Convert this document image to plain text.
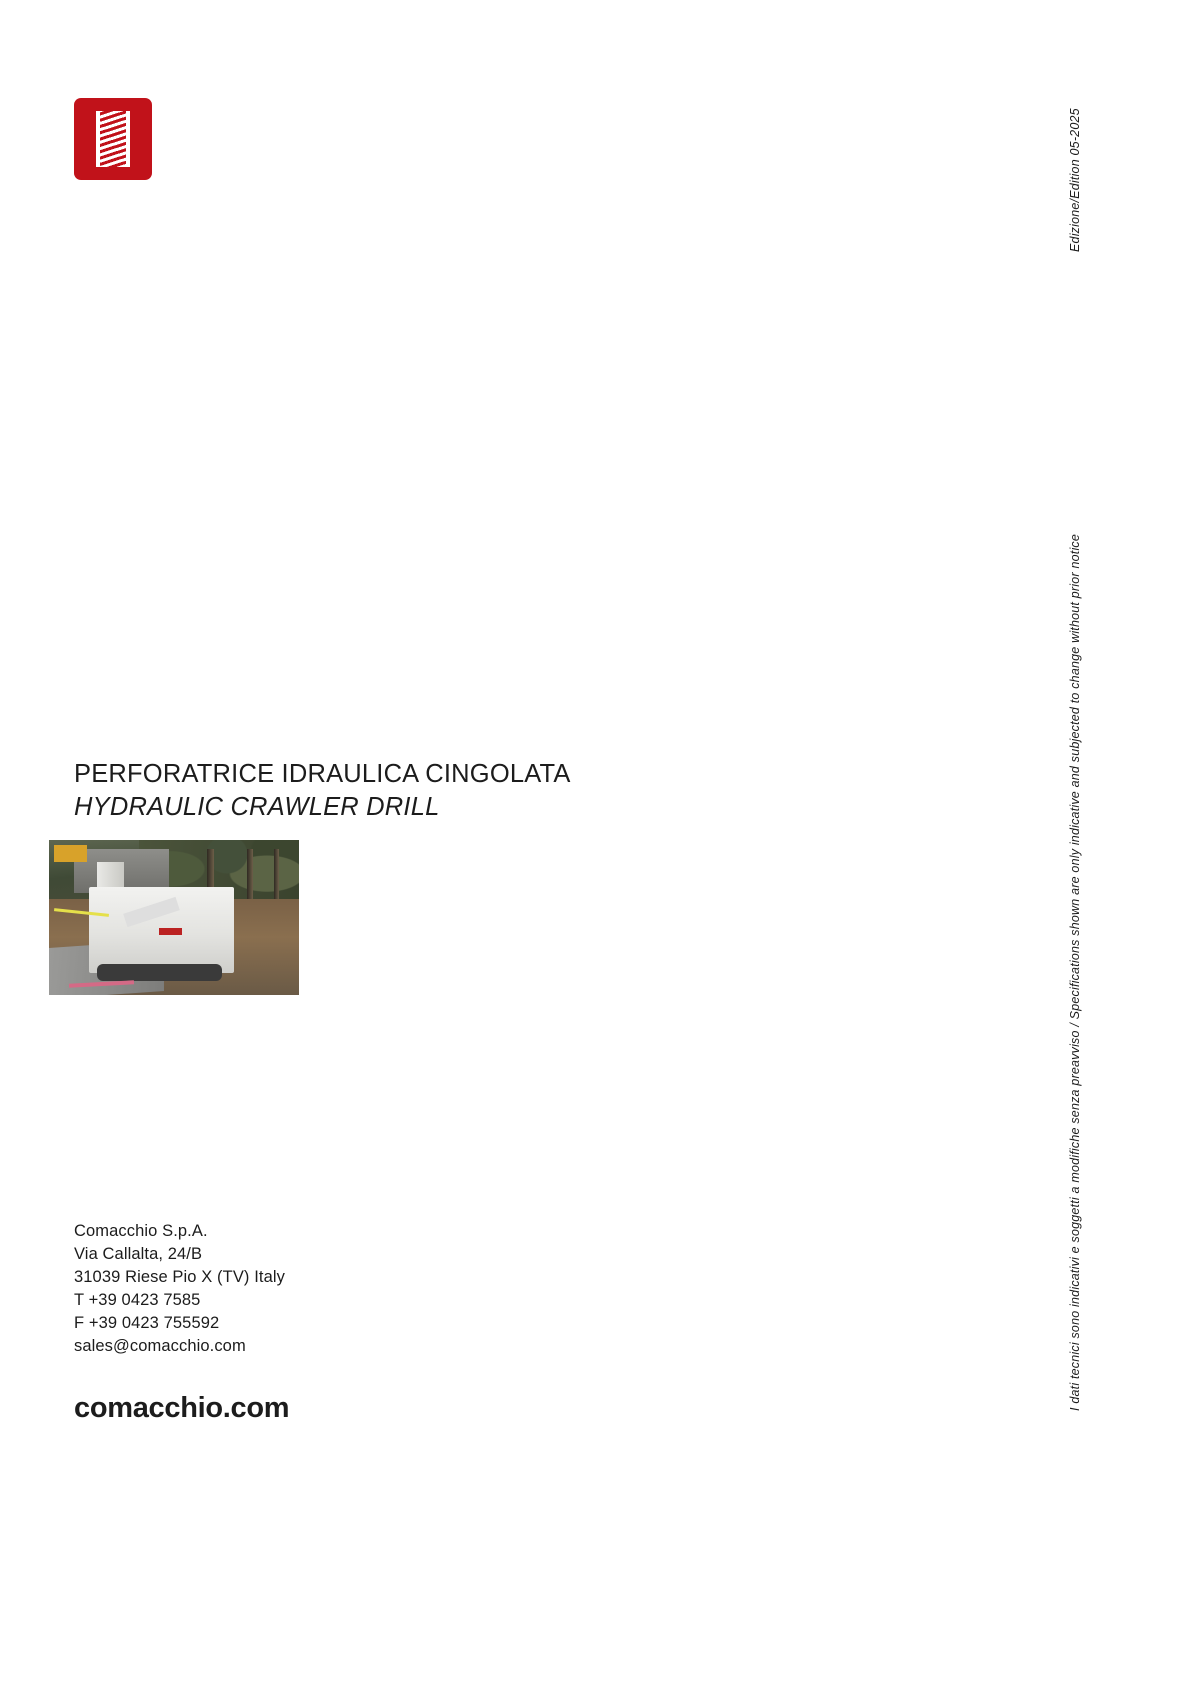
Edizione/Edition 05-2025
I dati tecnici sono indicativi e soggetti a modifiche senza preavviso / Specifications shown are only indicative and subjected to change without prior notice
PERFORATRICE IDRAULICA CINGOLATA
HYDRAULIC CRAWLER DRILL
Comacchio S.p.A.
Via Callalta, 24/B
31039 Riese Pio X (TV) Italy
T +39 0423 7585
F +39 0423 755592
sales@comacchio.com
comacchio.com
